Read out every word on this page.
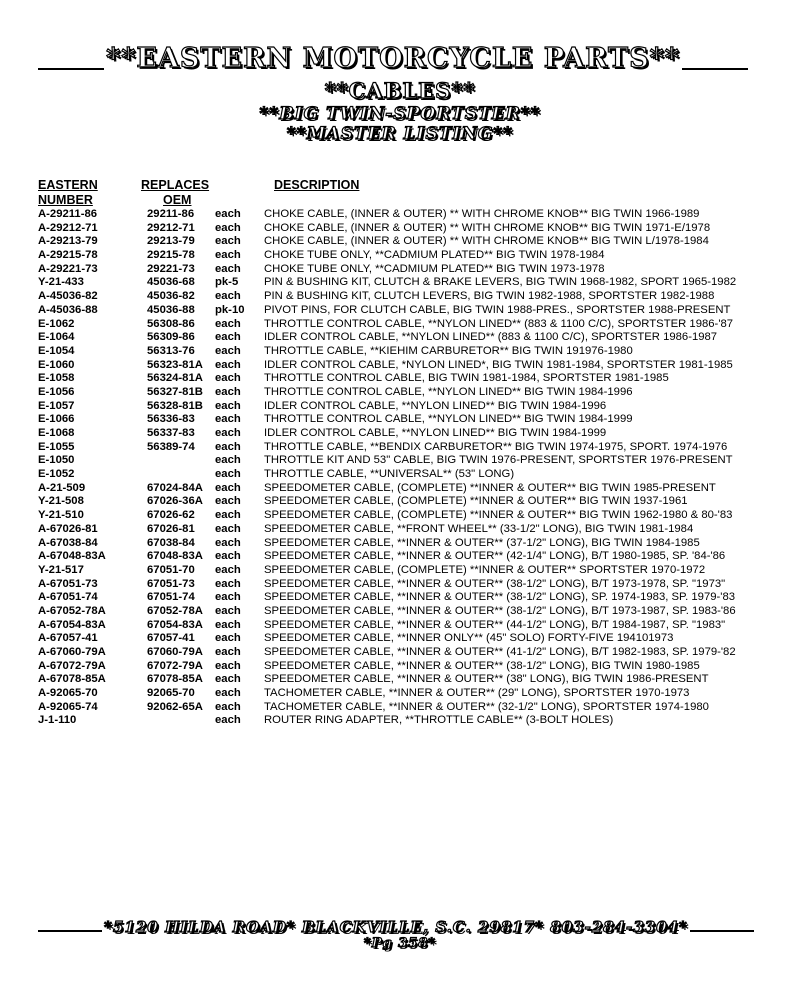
**EASTERN MOTORCYCLE PARTS**
**CABLES**
**BIG TWIN-SPORTSTER**
**MASTER LISTING**
EASTERN
NUMBER
REPLACES
OEM
DESCRIPTION
A-29211-86	29211-86 each CHOKE CABLE, (INNER & OUTER) ** WITH CHROME KNOB** BIG TWIN 1966-1989
A-29212-71	29212-71 each CHOKE CABLE, (INNER & OUTER) ** WITH CHROME KNOB** BIG TWIN 1971-E/1978
A-29213-79	29213-79 each CHOKE CABLE, (INNER & OUTER) ** WITH CHROME KNOB** BIG TWIN L/1978-1984
A-29215-78	29215-78 each CHOKE TUBE ONLY, **CADMIUM PLATED** BIG TWIN 1978-1984
A-29221-73	29221-73 each CHOKE TUBE ONLY, **CADMIUM PLATED** BIG TWIN 1973-1978
Y-21-433	45036-68 pk-5 PIN & BUSHING KIT, CLUTCH & BRAKE LEVERS, BIG TWIN 1968-1982, SPORT 1965-1982
A-45036-82	45036-82 each PIN & BUSHING KIT, CLUTCH LEVERS, BIG TWIN 1982-1988, SPORTSTER 1982-1988
A-45036-88	45036-88 pk-10 PIVOT PINS, FOR CLUTCH CABLE, BIG TWIN 1988-PRES., SPORTSTER 1988-PRESENT
E-1062	56308-86 each THROTTLE CONTROL CABLE, **NYLON LINED** (883 & 1100 C/C), SPORTSTER 1986-'87
E-1064	56309-86 each IDLER CONTROL CABLE, **NYLON LINED** (883 & 1100 C/C), SPORTSTER 1986-1987
E-1054	56313-76 each THROTTLE CABLE, **KIEHIM CARBURETOR** BIG TWIN 191976-1980
E-1060	56323-81A each IDLER CONTROL CABLE, *NYLON LINED*, BIG TWIN 1981-1984, SPORTSTER 1981-1985
E-1058	56324-81A each THROTTLE CONTROL CABLE, BIG TWIN 1981-1984, SPORTSTER 1981-1985
E-1056	56327-81B each THROTTLE CONTROL CABLE, **NYLON LINED** BIG TWIN 1984-1996
E-1057	56328-81B each IDLER CONTROL CABLE, **NYLON LINED** BIG TWIN 1984-1996
E-1066	56336-83 each THROTTLE CONTROL CABLE, **NYLON LINED** BIG TWIN 1984-1999
E-1068	56337-83 each IDLER CONTROL CABLE, **NYLON LINED** BIG TWIN 1984-1999
E-1055	56389-74 each THROTTLE CABLE, **BENDIX CARBURETOR** BIG TWIN 1974-1975, SPORT. 1974-1976
E-1050	each THROTTLE KIT AND 53" CABLE, BIG TWIN 1976-PRESENT, SPORTSTER 1976-PRESENT
E-1052	each THROTTLE CABLE, **UNIVERSAL** (53" LONG)
A-21-509	67024-84A each SPEEDOMETER CABLE, (COMPLETE) **INNER & OUTER** BIG TWIN 1985-PRESENT
Y-21-508	67026-36A each SPEEDOMETER CABLE, (COMPLETE) **INNER & OUTER** BIG TWIN 1937-1961
Y-21-510	67026-62 each SPEEDOMETER CABLE, (COMPLETE) **INNER & OUTER** BIG TWIN 1962-1980 & 80-'83
A-67026-81	67026-81 each SPEEDOMETER CABLE, **FRONT WHEEL** (33-1/2" LONG), BIG TWIN 1981-1984
A-67038-84	67038-84 each SPEEDOMETER CABLE, **INNER & OUTER** (37-1/2" LONG), BIG TWIN 1984-1985
A-67048-83A	67048-83A each SPEEDOMETER CABLE, **INNER & OUTER** (42-1/4" LONG), B/T 1980-1985, SP. '84-'86
Y-21-517	67051-70 each SPEEDOMETER CABLE, (COMPLETE) **INNER & OUTER** SPORTSTER 1970-1972
A-67051-73	67051-73 each SPEEDOMETER CABLE, **INNER & OUTER** (38-1/2" LONG), B/T 1973-1978, SP. "1973"
A-67051-74	67051-74 each SPEEDOMETER CABLE, **INNER & OUTER** (38-1/2" LONG), SP. 1974-1983, SP. 1979-'83
A-67052-78A	67052-78A each SPEEDOMETER CABLE, **INNER & OUTER** (38-1/2" LONG), B/T 1973-1987, SP. 1983-'86
A-67054-83A	67054-83A each SPEEDOMETER CABLE, **INNER & OUTER** (44-1/2" LONG), B/T 1984-1987, SP. "1983"
A-67057-41	67057-41 each SPEEDOMETER CABLE, **INNER ONLY** (45" SOLO) FORTY-FIVE 194101973
A-67060-79A	67060-79A each SPEEDOMETER CABLE, **INNER & OUTER** (41-1/2" LONG), B/T 1982-1983, SP. 1979-'82
A-67072-79A	67072-79A each SPEEDOMETER CABLE, **INNER & OUTER** (38-1/2" LONG), BIG TWIN 1980-1985
A-67078-85A	67078-85A each SPEEDOMETER CABLE, **INNER & OUTER** (38" LONG), BIG TWIN 1986-PRESENT
A-92065-70	92065-70 each TACHOMETER CABLE, **INNER & OUTER** (29" LONG), SPORTSTER 1970-1973
A-92065-74	92062-65A each TACHOMETER CABLE, **INNER & OUTER** (32-1/2" LONG), SPORTSTER 1974-1980
J-1-110	each ROUTER RING ADAPTER, **THROTTLE CABLE** (3-BOLT HOLES)
*5120 HILDA ROAD* BLACKVILLE, S.C. 29817* 803-284-3304*
*Pg 358*
